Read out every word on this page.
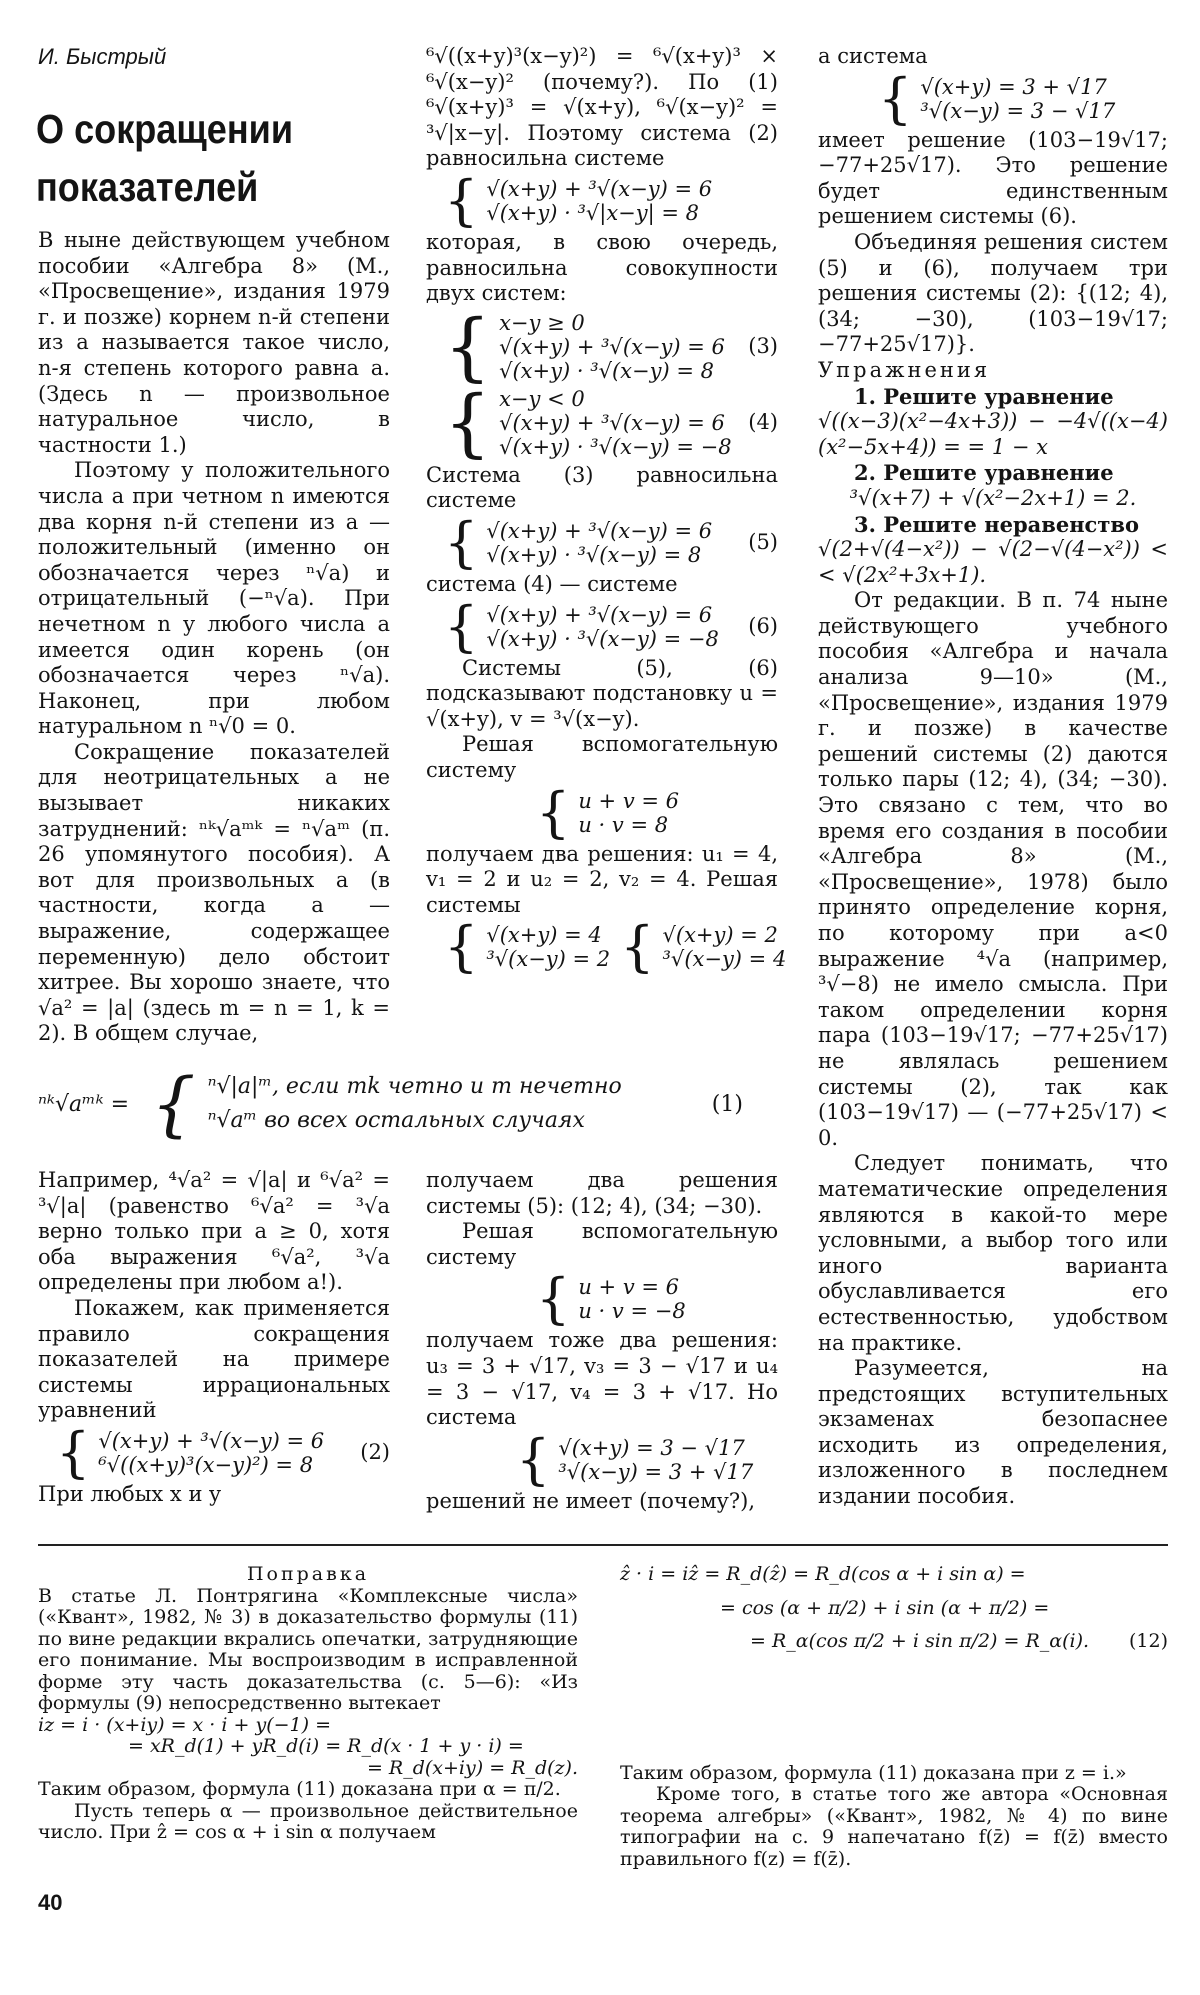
И. Быстрый
О сокращении показателей

В ныне действующем учебном пособии «Алгебра 8» (М., «Просвещение», издания 1979 г. и позже) корнем n-й степени из a называется такое число, n-я степень которого равна a. (Здесь n — произвольное натуральное число, в частности 1.)

Поэтому у положительного числа a при четном n имеются два корня n-й степени из a — положительный (именно он обозначается через ⁿ√a) и отрицательный (−ⁿ√a). При нечетном n у любого числа a имеется один корень (он обозначается через ⁿ√a). Наконец, при любом натуральном n ⁿ√0 = 0.

Сокращение показателей для неотрицательных a не вызывает никаких затруднений: ⁿᵏ√aᵐᵏ = ⁿ√aᵐ (п. 26 упомянутого пособия). А вот для произвольных a (в частности, когда a — выражение, содержащее переменную) дело обстоит хитрее. Вы хорошо знаете, что √a² = |a| (здесь m = n = 1, k = 2). В общем случае,

⁶√((x+y)³(x−y)²) = ⁶√(x+y)³ × ⁶√(x−y)² (почему?). По (1) ⁶√(x+y)³ = √(x+y), ⁶√(x−y)² = ³√|x−y|. Поэтому система (2) равносильна системе

{ √(x+y) + ³√(x−y) = 6
√(x+y) · ³√|x−y| = 8

которая, в свою очередь, равносильна совокупности двух систем:

{ x−y ≥ 0
√(x+y) + ³√(x−y) = 6
√(x+y) · ³√(x−y) = 8
(3)
{ x−y < 0
√(x+y) + ³√(x−y) = 6
√(x+y) · ³√(x−y) = −8
(4)

Система (3) равносильна системе

{ √(x+y) + ³√(x−y) = 6
√(x+y) · ³√(x−y) = 8
(5)

система (4) — системе

{ √(x+y) + ³√(x−y) = 6
√(x+y) · ³√(x−y) = −8
(6)

Системы (5), (6) подсказывают подстановку u = √(x+y), v = ³√(x−y).

Решая вспомогательную систему

{ u + v = 6
u · v = 8

получаем два решения: u₁ = 4, v₁ = 2 и u₂ = 2, v₂ = 4. Решая системы

{ √(x+y) = 4
³√(x−y) = 2 { √(x+y) = 2
³√(x−y) = 4

а система

{ √(x+y) = 3 + √17
³√(x−y) = 3 − √17

имеет решение (103−19√17; −77+25√17). Это решение будет единственным решением системы (6).

Объединяя решения систем (5) и (6), получаем три решения системы (2): {(12; 4), (34; −30), (103−19√17; −77+25√17)}.

Упражнения

1. Решите уравнение

√((x−3)(x²−4x+3)) − −4√((x−4)(x²−5x+4)) = = 1 − x

2. Решите уравнение

³√(x+7) + √(x²−2x+1) = 2.

3. Решите неравенство

√(2+√(4−x²)) − √(2−√(4−x²)) < < √(2x²+3x+1).

От редакции. В п. 74 ныне действующего учебного пособия «Алгебра и начала анализа 9—10» (М., «Просвещение», издания 1979 г. и позже) в качестве решений системы (2) даются только пары (12; 4), (34; −30). Это связано с тем, что во время его создания в пособии «Алгебра 8» (М., «Просвещение», 1978) было принято определение корня, по которому при a<0 выражение ⁴√a (например, ³√−8) не имело смысла. При таком определении корня пара (103−19√17; −77+25√17) не являлась решением системы (2), так как (103−19√17) — (−77+25√17) < 0.

Следует понимать, что математические определения являются в какой-то мере условными, а выбор того или иного варианта обуславливается его естественностью, удобством на практике.

Разумеется, на предстоящих вступительных экзаменах безопаснее исходить из определения, изложенного в последнем издании пособия.

ⁿᵏ√aᵐᵏ = { ⁿ√|a|ᵐ, если mk четно и m нечетно
ⁿ√aᵐ во всех остальных случаях
(1)

Например, ⁴√a² = √|a| и ⁶√a² = ³√|a| (равенство ⁶√a² = ³√a верно только при a ≥ 0, хотя оба выражения ⁶√a², ³√a определены при любом a!).

Покажем, как применяется правило сокращения показателей на примере системы иррациональных уравнений

{ √(x+y) + ³√(x−y) = 6
⁶√((x+y)³(x−y)²) = 8
(2)

При любых x и y

получаем два решения системы (5): (12; 4), (34; −30).

Решая вспомогательную систему

{ u + v = 6
u · v = −8

получаем тоже два решения: u₃ = 3 + √17, v₃ = 3 − √17 и u₄ = 3 − √17, v₄ = 3 + √17. Но система

{ √(x+y) = 3 − √17
³√(x−y) = 3 + √17

решений не имеет (почему?),

Поправка

В статье Л. Понтрягина «Комплексные числа» («Квант», 1982, № 3) в доказательство формулы (11) по вине редакции вкрались опечатки, затрудняющие его понимание. Мы воспроизводим в исправленной форме эту часть доказательства (с. 5—6): «Из формулы (9) непосредственно вытекает

iz = i · (x+iy) = x · i + y(−1) =

= xR_d(1) + yR_d(i) = R_d(x · 1 + y · i) =

= R_d(x+iy) = R_d(z).

Таким образом, формула (11) доказана при α = π/2.

Пусть теперь α — произвольное действительное число. При ẑ = cos α + i sin α получаем

ẑ · i = iẑ = R_d(ẑ) = R_d(cos α + i sin α) =

= cos (α + π/2) + i sin (α + π/2) =

= R_α(cos π/2 + i sin π/2) = R_α(i). (12)

Таким образом, формула (11) доказана при z = i.»

Кроме того, в статье того же автора «Основная теорема алгебры» («Квант», 1982, № 4) по вине типографии на с. 9 напечатано f(z̄) = f(z̄) вместо правильного f(z) = f(z̄).

40
